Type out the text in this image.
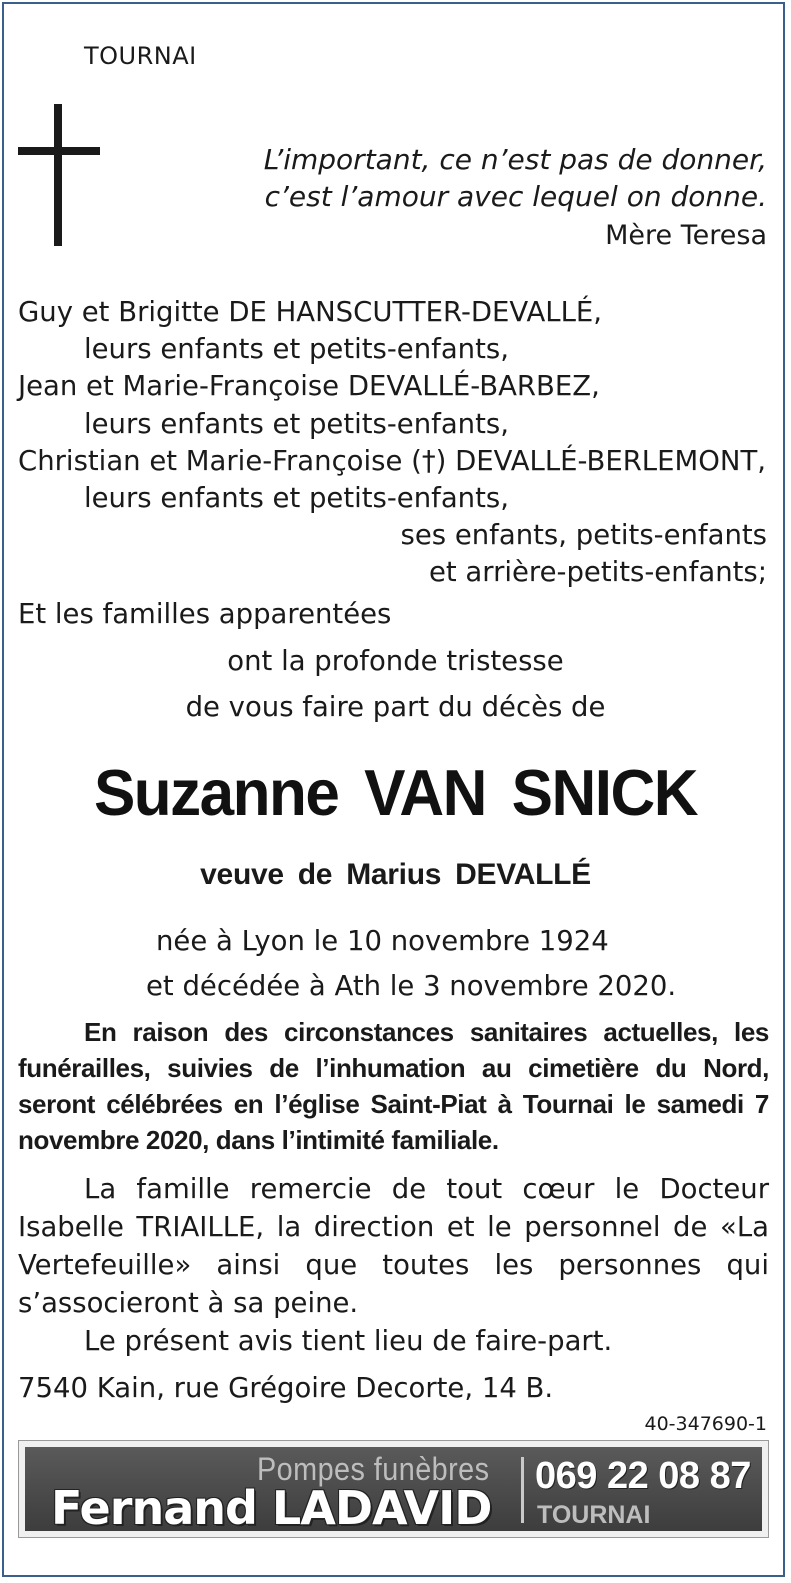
TOURNAI
L’important, ce n’est pas de donner,
c’est l’amour avec lequel on donne.
Mère Teresa
Guy et Brigitte DE HANSCUTTER-DEVALLÉ,
leurs enfants et petits-enfants,
Jean et Marie-Françoise DEVALLÉ-BARBEZ,
leurs enfants et petits-enfants,
Christian et Marie-Françoise (†) DEVALLÉ-BERLEMONT,
leurs enfants et petits-enfants,
ses enfants, petits-enfants
et arrière-petits-enfants;
Et les familles apparentées
ont la profonde tristesse
de vous faire part du décès de
Suzanne VAN SNICK
veuve de Marius DEVALLÉ
née à Lyon le 10 novembre 1924
et décédée à Ath le 3 novembre 2020.
En raison des circonstances sanitaires actuelles, les funérailles, suivies de l’inhumation au cimetière du Nord, seront célébrées en l’église Saint-Piat à Tournai le samedi 7 novembre 2020, dans l’intimité familiale.
La famille remercie de tout cœur le Docteur Isabelle TRIAILLE, la direction et le personnel de «La Vertefeuille» ainsi que toutes les personnes qui s’associeront à sa peine.
Le présent avis tient lieu de faire-part.
7540 Kain, rue Grégoire Decorte, 14 B.
40-347690-1
Pompes funèbres
Fernand LADAVID
069 22 08 87
TOURNAI
